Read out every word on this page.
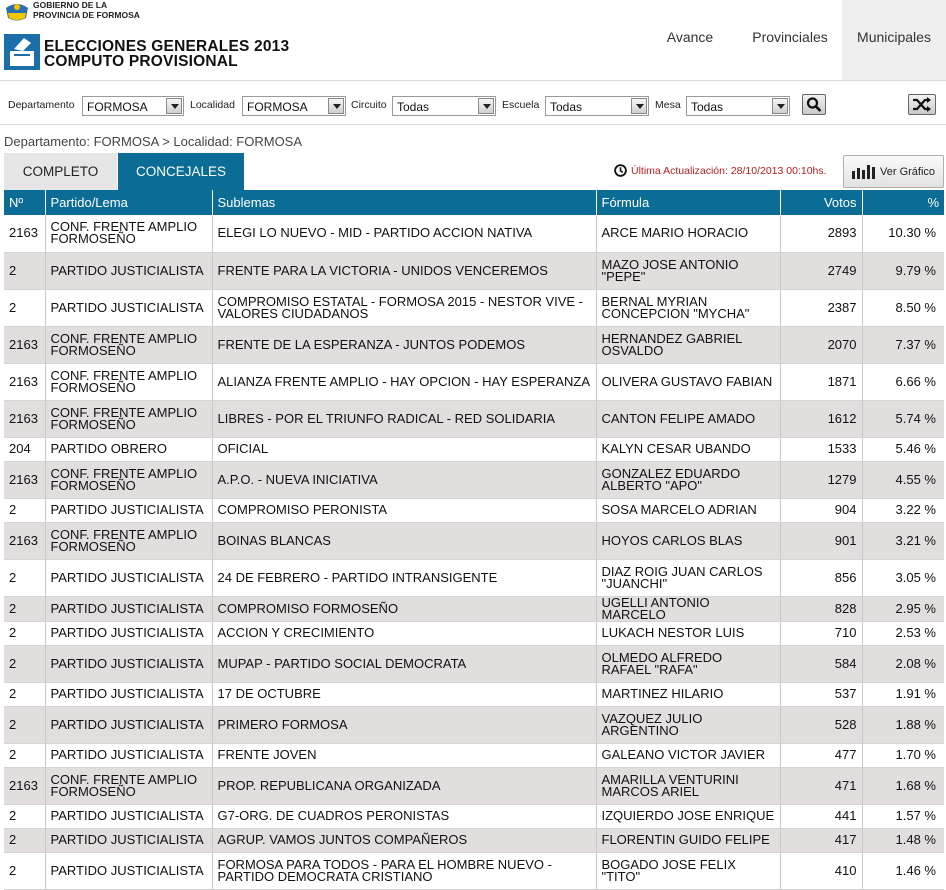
GOBIERNO DE LA
PROVINCIA DE FORMOSA
ELECCIONES GENERALES 2013
COMPUTO PROVISIONAL
Avance	Provinciales	Municipales
Departamento FORMOSA	Localidad FORMOSA	Circuito Todas	Escuela Todas	Mesa Todas
Departamento: FORMOSA > Localidad: FORMOSA
COMPLETO	CONCEJALES	Última Actualización: 28/10/2013 00:10hs.	Ver Gráfico
Nº	Partido/Lema	Sublemas	Fórmula	Votos	%
2163	CONF. FRENTE AMPLIO FORMOSEÑO	ELEGI LO NUEVO - MID - PARTIDO ACCION NATIVA	ARCE MARIO HORACIO	2893	10.30 %
2	PARTIDO JUSTICIALISTA	FRENTE PARA LA VICTORIA - UNIDOS VENCEREMOS	MAZO JOSE ANTONIO "PEPE"	2749	9.79 %
2	PARTIDO JUSTICIALISTA	COMPROMISO ESTATAL - FORMOSA 2015 - NESTOR VIVE - VALORES CIUDADANOS	BERNAL MYRIAN CONCEPCION "MYCHA"	2387	8.50 %
2163	CONF. FRENTE AMPLIO FORMOSEÑO	FRENTE DE LA ESPERANZA - JUNTOS PODEMOS	HERNANDEZ GABRIEL OSVALDO	2070	7.37 %
2163	CONF. FRENTE AMPLIO FORMOSEÑO	ALIANZA FRENTE AMPLIO - HAY OPCION - HAY ESPERANZA	OLIVERA GUSTAVO FABIAN	1871	6.66 %
2163	CONF. FRENTE AMPLIO FORMOSEÑO	LIBRES - POR EL TRIUNFO RADICAL - RED SOLIDARIA	CANTON FELIPE AMADO	1612	5.74 %
204	PARTIDO OBRERO	OFICIAL	KALYN CESAR UBANDO	1533	5.46 %
2163	CONF. FRENTE AMPLIO FORMOSEÑO	A.P.O. - NUEVA INICIATIVA	GONZALEZ EDUARDO ALBERTO "APO"	1279	4.55 %
2	PARTIDO JUSTICIALISTA	COMPROMISO PERONISTA	SOSA MARCELO ADRIAN	904	3.22 %
2163	CONF. FRENTE AMPLIO FORMOSEÑO	BOINAS BLANCAS	HOYOS CARLOS BLAS	901	3.21 %
2	PARTIDO JUSTICIALISTA	24 DE FEBRERO - PARTIDO INTRANSIGENTE	DIAZ ROIG JUAN CARLOS "JUANCHI"	856	3.05 %
2	PARTIDO JUSTICIALISTA	COMPROMISO FORMOSEÑO	UGELLI ANTONIO MARCELO	828	2.95 %
2	PARTIDO JUSTICIALISTA	ACCION Y CRECIMIENTO	LUKACH NESTOR LUIS	710	2.53 %
2	PARTIDO JUSTICIALISTA	MUPAP - PARTIDO SOCIAL DEMOCRATA	OLMEDO ALFREDO RAFAEL "RAFA"	584	2.08 %
2	PARTIDO JUSTICIALISTA	17 DE OCTUBRE	MARTINEZ HILARIO	537	1.91 %
2	PARTIDO JUSTICIALISTA	PRIMERO FORMOSA	VAZQUEZ JULIO ARGENTINO	528	1.88 %
2	PARTIDO JUSTICIALISTA	FRENTE JOVEN	GALEANO VICTOR JAVIER	477	1.70 %
2163	CONF. FRENTE AMPLIO FORMOSEÑO	PROP. REPUBLICANA ORGANIZADA	AMARILLA VENTURINI MARCOS ARIEL	471	1.68 %
2	PARTIDO JUSTICIALISTA	G7-ORG. DE CUADROS PERONISTAS	IZQUIERDO JOSE ENRIQUE	441	1.57 %
2	PARTIDO JUSTICIALISTA	AGRUP. VAMOS JUNTOS COMPAÑEROS	FLORENTIN GUIDO FELIPE	417	1.48 %
2	PARTIDO JUSTICIALISTA	FORMOSA PARA TODOS - PARA EL HOMBRE NUEVO - PARTIDO DEMOCRATA CRISTIANO	BOGADO JOSE FELIX "TITO"	410	1.46 %
